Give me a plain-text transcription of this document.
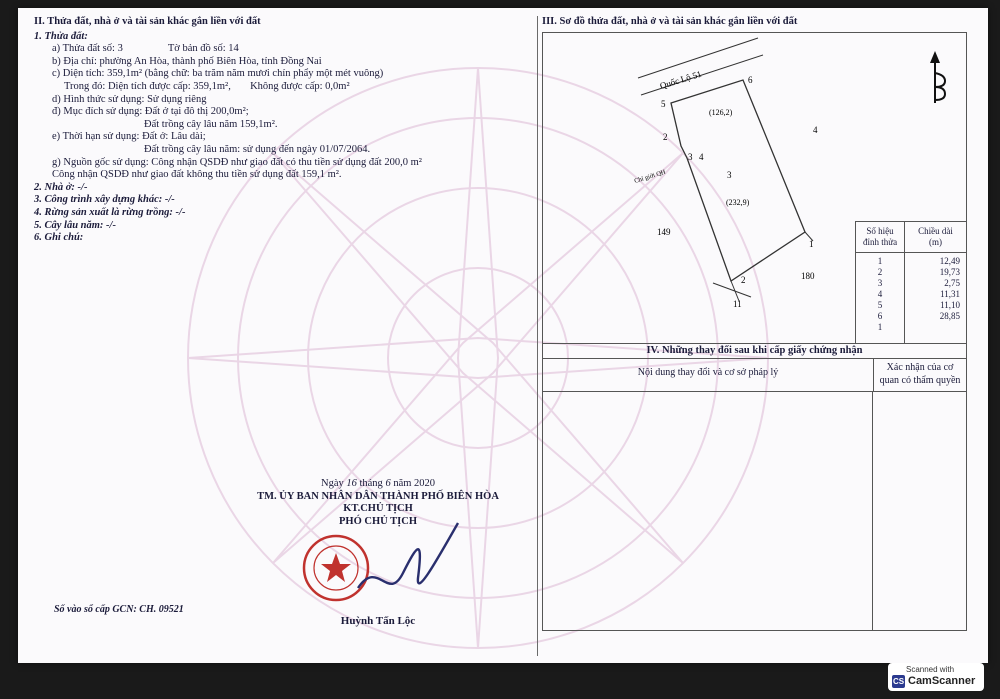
II. Thửa đất, nhà ở và tài sản khác gắn liền với đất
1. Thửa đất:
a) Thửa đất số: 3	Tờ bản đồ số: 14
b) Địa chỉ: phường An Hòa, thành phố Biên Hòa, tỉnh Đồng Nai
c) Diện tích: 359,1m² (bằng chữ: ba trăm năm mươi chín phẩy một mét vuông)
Trong đó: Diện tích được cấp: 359,1m², Không được cấp: 0,0m²
d) Hình thức sử dụng: Sử dụng riêng
đ) Mục đích sử dụng: Đất ở tại đô thị 200,0m²;
Đất trồng cây lâu năm 159,1m².
e) Thời hạn sử dụng: Đất ở: Lâu dài;
Đất trồng cây lâu năm: sử dụng đến ngày 01/07/2064.
g) Nguồn gốc sử dụng: Công nhận QSDĐ như giao đất có thu tiền sử dụng đất 200,0 m²
Công nhận QSDĐ như giao đất không thu tiền sử dụng đất 159,1 m².
2. Nhà ở: -/-
3. Công trình xây dựng khác: -/-
4. Rừng sản xuất là rừng trồng: -/-
5. Cây lâu năm: -/-
6. Ghi chú:
Ngày 16 tháng 6 năm 2020
TM. ỦY BAN NHÂN DÂN THÀNH PHỐ BIÊN HÒA
KT.CHỦ TỊCH
PHÓ CHỦ TỊCH
Số vào sổ cấp GCN: CH. 09521
Huỳnh Tấn Lộc
III. Sơ đồ thửa đất, nhà ở và tài sản khác gắn liền với đất
Quốc Lộ 51
(126,2)
Chỉ giới QH	3
(232,9)
5
6
3 4
1
2
2
4
149
180
11
Số hiệu
đỉnh thửa
Chiều dài
(m)
1	12,49
2	19,73
3	2,75
4	11,31
5	11,10
6	28,85
1
IV. Những thay đổi sau khi cấp giấy chứng nhận
Nội dung thay đổi và cơ sở pháp lý	Xác nhận của cơ
quan có thẩm quyền
Scanned with
CS CamScanner
